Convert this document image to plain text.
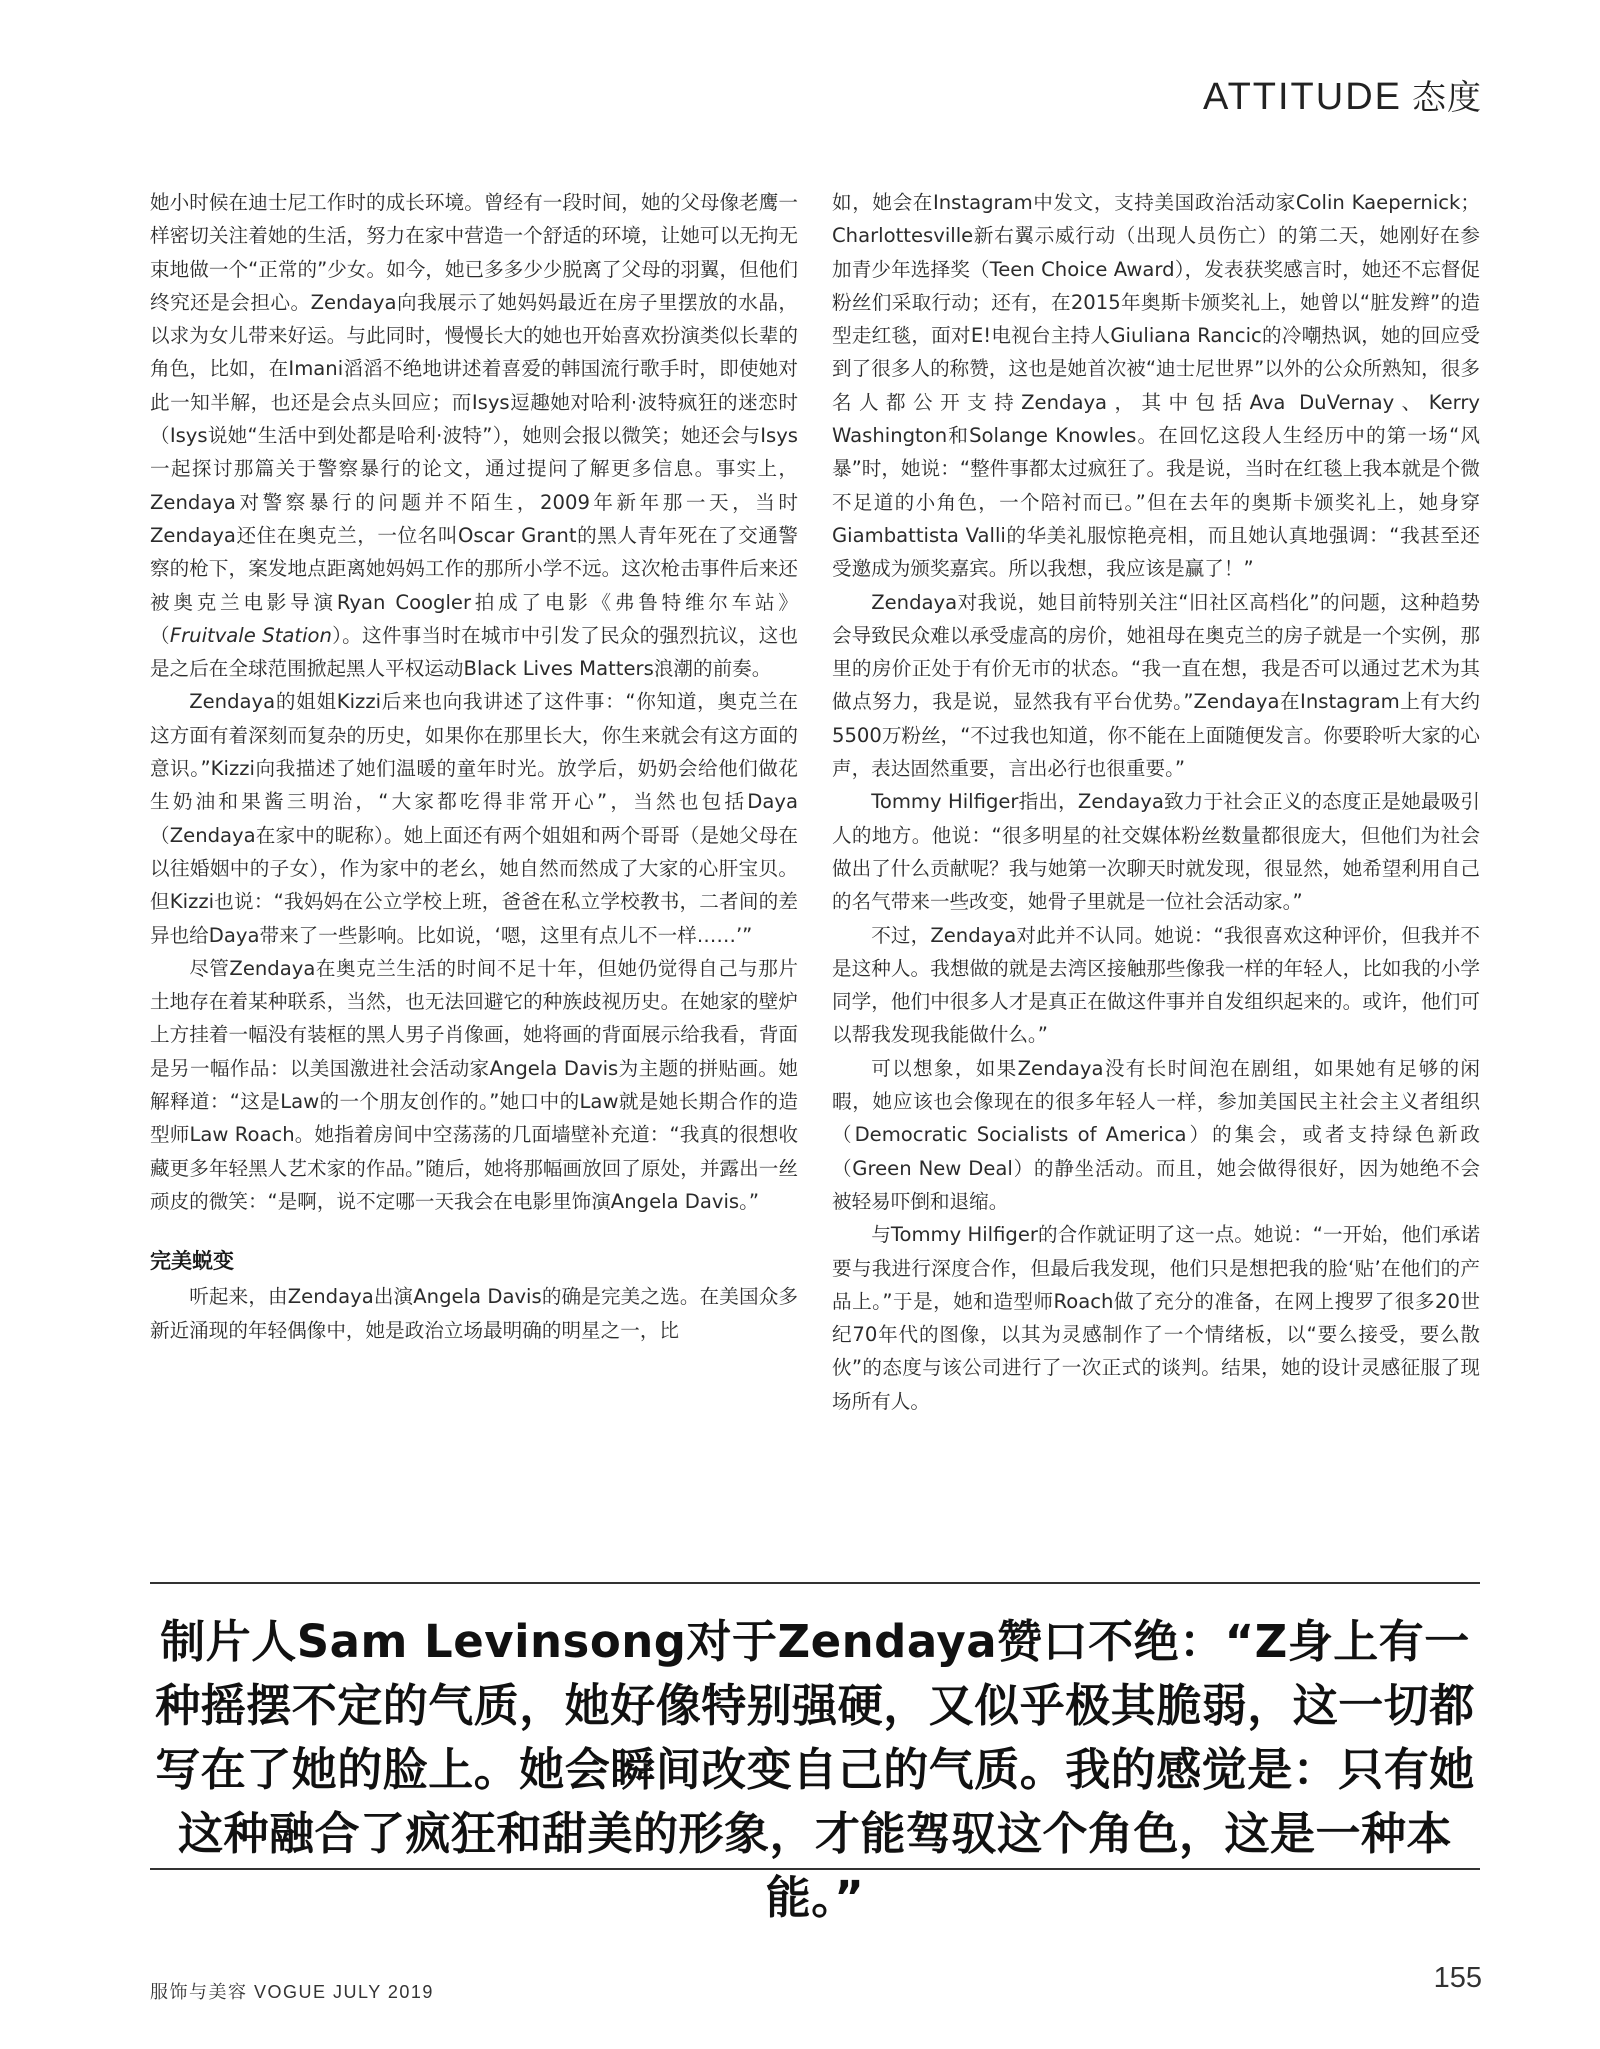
ATTITUDE 态度

她小时候在迪士尼工作时的成长环境。曾经有一段时间，她的父母像老鹰一样密切关注着她的生活，努力在家中营造一个舒适的环境，让她可以无拘无束地做一个“正常的”少女。如今，她已多多少少脱离了父母的羽翼，但他们终究还是会担心。Zendaya向我展示了她妈妈最近在房子里摆放的水晶，以求为女儿带来好运。与此同时，慢慢长大的她也开始喜欢扮演类似长辈的角色，比如，在Imani滔滔不绝地讲述着喜爱的韩国流行歌手时，即使她对此一知半解，也还是会点头回应；而Isys逗趣她对哈利·波特疯狂的迷恋时（Isys说她“生活中到处都是哈利·波特”），她则会报以微笑；她还会与Isys一起探讨那篇关于警察暴行的论文，通过提问了解更多信息。事实上，Zendaya对警察暴行的问题并不陌生，2009年新年那一天，当时Zendaya还住在奥克兰，一位名叫Oscar Grant的黑人青年死在了交通警察的枪下，案发地点距离她妈妈工作的那所小学不远。这次枪击事件后来还被奥克兰电影导演Ryan Coogler拍成了电影《弗鲁特维尔车站》（Fruitvale Station）。这件事当时在城市中引发了民众的强烈抗议，这也是之后在全球范围掀起黑人平权运动Black Lives Matters浪潮的前奏。

Zendaya的姐姐Kizzi后来也向我讲述了这件事：“你知道，奥克兰在这方面有着深刻而复杂的历史，如果你在那里长大，你生来就会有这方面的意识。”Kizzi向我描述了她们温暖的童年时光。放学后，奶奶会给他们做花生奶油和果酱三明治，“大家都吃得非常开心”，当然也包括Daya（Zendaya在家中的昵称）。她上面还有两个姐姐和两个哥哥（是她父母在以往婚姻中的子女），作为家中的老幺，她自然而然成了大家的心肝宝贝。但Kizzi也说：“我妈妈在公立学校上班，爸爸在私立学校教书，二者间的差异也给Daya带来了一些影响。比如说，‘嗯，这里有点儿不一样……’”

尽管Zendaya在奥克兰生活的时间不足十年，但她仍觉得自己与那片土地存在着某种联系，当然，也无法回避它的种族歧视历史。在她家的壁炉上方挂着一幅没有装框的黑人男子肖像画，她将画的背面展示给我看，背面是另一幅作品：以美国激进社会活动家Angela Davis为主题的拼贴画。她解释道：“这是Law的一个朋友创作的。”她口中的Law就是她长期合作的造型师Law Roach。她指着房间中空荡荡的几面墙壁补充道：“我真的很想收藏更多年轻黑人艺术家的作品。”随后，她将那幅画放回了原处，并露出一丝顽皮的微笑：“是啊，说不定哪一天我会在电影里饰演Angela Davis。”

完美蜕变

听起来，由Zendaya出演Angela Davis的确是完美之选。在美国众多新近涌现的年轻偶像中，她是政治立场最明确的明星之一，比

如，她会在Instagram中发文，支持美国政治活动家Colin Kaepernick；Charlottesville新右翼示威行动（出现人员伤亡）的第二天，她刚好在参加青少年选择奖（Teen Choice Award），发表获奖感言时，她还不忘督促粉丝们采取行动；还有，在2015年奥斯卡颁奖礼上，她曾以“脏发辫”的造型走红毯，面对E!电视台主持人Giuliana Rancic的冷嘲热讽，她的回应受到了很多人的称赞，这也是她首次被“迪士尼世界”以外的公众所熟知，很多名人都公开支持Zendaya，其中包括Ava DuVernay、Kerry Washington和Solange Knowles。在回忆这段人生经历中的第一场“风暴”时，她说：“整件事都太过疯狂了。我是说，当时在红毯上我本就是个微不足道的小角色，一个陪衬而已。”但在去年的奥斯卡颁奖礼上，她身穿Giambattista Valli的华美礼服惊艳亮相，而且她认真地强调：“我甚至还受邀成为颁奖嘉宾。所以我想，我应该是赢了！”

Zendaya对我说，她目前特别关注“旧社区高档化”的问题，这种趋势会导致民众难以承受虚高的房价，她祖母在奥克兰的房子就是一个实例，那里的房价正处于有价无市的状态。“我一直在想，我是否可以通过艺术为其做点努力，我是说，显然我有平台优势。”Zendaya在Instagram上有大约5500万粉丝，“不过我也知道，你不能在上面随便发言。你要聆听大家的心声，表达固然重要，言出必行也很重要。”

Tommy Hilfiger指出，Zendaya致力于社会正义的态度正是她最吸引人的地方。他说：“很多明星的社交媒体粉丝数量都很庞大，但他们为社会做出了什么贡献呢？我与她第一次聊天时就发现，很显然，她希望利用自己的名气带来一些改变，她骨子里就是一位社会活动家。”

不过，Zendaya对此并不认同。她说：“我很喜欢这种评价，但我并不是这种人。我想做的就是去湾区接触那些像我一样的年轻人，比如我的小学同学，他们中很多人才是真正在做这件事并自发组织起来的。或许，他们可以帮我发现我能做什么。”

可以想象，如果Zendaya没有长时间泡在剧组，如果她有足够的闲暇，她应该也会像现在的很多年轻人一样，参加美国民主社会主义者组织（Democratic Socialists of America）的集会，或者支持绿色新政（Green New Deal）的静坐活动。而且，她会做得很好，因为她绝不会被轻易吓倒和退缩。

与Tommy Hilfiger的合作就证明了这一点。她说：“一开始，他们承诺要与我进行深度合作，但最后我发现，他们只是想把我的脸‘贴’在他们的产品上。”于是，她和造型师Roach做了充分的准备，在网上搜罗了很多20世纪70年代的图像，以其为灵感制作了一个情绪板，以“要么接受，要么散伙”的态度与该公司进行了一次正式的谈判。结果，她的设计灵感征服了现场所有人。

制片人Sam Levinsong对于Zendaya赞口不绝：“Z身上有一种摇摆不定的气质，她好像特别强硬，又似乎极其脆弱，这一切都写在了她的脸上。她会瞬间改变自己的气质。我的感觉是：只有她这种融合了疯狂和甜美的形象，才能驾驭这个角色，这是一种本能。”
服饰与美容 VOGUE JULY 2019	155
